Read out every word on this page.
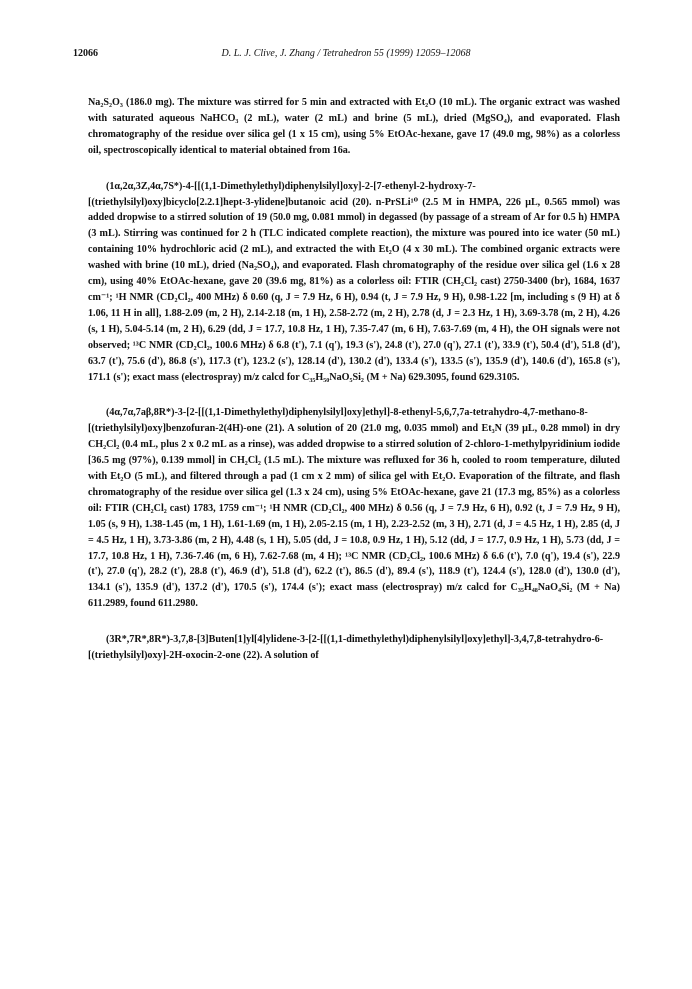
12066	D. L. J. Clive, J. Zhang / Tetrahedron 55 (1999) 12059–12068

Na₂S₂O₃ (186.0 mg). The mixture was stirred for 5 min and extracted with Et₂O (10 mL). The organic extract was washed with saturated aqueous NaHCO₃ (2 mL), water (2 mL) and brine (5 mL), dried (MgSO₄), and evaporated. Flash chromatography of the residue over silica gel (1 x 15 cm), using 5% EtOAc-hexane, gave 17 (49.0 mg, 98%) as a colorless oil, spectroscopically identical to material obtained from 16a.

(1α,2α,3Z,4α,7S*)-4-[[(1,1-Dimethylethyl)diphenylsilyl]oxy]-2-[7-ethenyl-2-hydroxy-7-[(triethylsilyl)oxy]bicyclo[2.2.1]hept-3-ylidene]butanoic acid (20). n-PrSLi¹⁰ (2.5 M in HMPA, 226 μL, 0.565 mmol) was added dropwise to a stirred solution of 19 (50.0 mg, 0.081 mmol) in degassed (by passage of a stream of Ar for 0.5 h) HMPA (3 mL). Stirring was continued for 2 h (TLC indicated complete reaction), the mixture was poured into ice water (50 mL) containing 10% hydrochloric acid (2 mL), and extracted the with Et₂O (4 x 30 mL). The combined organic extracts were washed with brine (10 mL), dried (Na₂SO₄), and evaporated. Flash chromatography of the residue over silica gel (1.6 x 28 cm), using 40% EtOAc-hexane, gave 20 (39.6 mg, 81%) as a colorless oil: FTIR (CH₂Cl₂ cast) 2750-3400 (br), 1684, 1637 cm⁻¹; ¹H NMR (CD₂Cl₂, 400 MHz) δ 0.60 (q, J = 7.9 Hz, 6 H), 0.94 (t, J = 7.9 Hz, 9 H), 0.98-1.22 [m, including s (9 H) at δ 1.06, 11 H in all], 1.88-2.09 (m, 2 H), 2.14-2.18 (m, 1 H), 2.58-2.72 (m, 2 H), 2.78 (d, J = 2.3 Hz, 1 H), 3.69-3.78 (m, 2 H), 4.26 (s, 1 H), 5.04-5.14 (m, 2 H), 6.29 (dd, J = 17.7, 10.8 Hz, 1 H), 7.35-7.47 (m, 6 H), 7.63-7.69 (m, 4 H), the OH signals were not observed; ¹³C NMR (CD₂Cl₂, 100.6 MHz) δ 6.8 (t'), 7.1 (q'), 19.3 (s'), 24.8 (t'), 27.0 (q'), 27.1 (t'), 33.9 (t'), 50.4 (d'), 51.8 (d'), 63.7 (t'), 75.6 (d'), 86.8 (s'), 117.3 (t'), 123.2 (s'), 128.14 (d'), 130.2 (d'), 133.4 (s'), 133.5 (s'), 135.9 (d'), 140.6 (d'), 165.8 (s'), 171.1 (s'); exact mass (electrospray) m/z calcd for C₃₅H₅₀NaO₅Si₂ (M + Na) 629.3095, found 629.3105.

(4α,7α,7aβ,8R*)-3-[2-[[(1,1-Dimethylethyl)diphenylsilyl]oxy]ethyl]-8-ethenyl-5,6,7,7a-tetrahydro-4,7-methano-8-[(triethylsilyl)oxy]benzofuran-2(4H)-one (21). A solution of 20 (21.0 mg, 0.035 mmol) and Et₃N (39 μL, 0.28 mmol) in dry CH₂Cl₂ (0.4 mL, plus 2 x 0.2 mL as a rinse), was added dropwise to a stirred solution of 2-chloro-1-methylpyridinium iodide [36.5 mg (97%), 0.139 mmol] in CH₂Cl₂ (1.5 mL). The mixture was refluxed for 36 h, cooled to room temperature, diluted with Et₂O (5 mL), and filtered through a pad (1 cm x 2 mm) of silica gel with Et₂O. Evaporation of the filtrate, and flash chromatography of the residue over silica gel (1.3 x 24 cm), using 5% EtOAc-hexane, gave 21 (17.3 mg, 85%) as a colorless oil: FTIR (CH₂Cl₂ cast) 1783, 1759 cm⁻¹; ¹H NMR (CD₂Cl₂, 400 MHz) δ 0.56 (q, J = 7.9 Hz, 6 H), 0.92 (t, J = 7.9 Hz, 9 H), 1.05 (s, 9 H), 1.38-1.45 (m, 1 H), 1.61-1.69 (m, 1 H), 2.05-2.15 (m, 1 H), 2.23-2.52 (m, 3 H), 2.71 (d, J = 4.5 Hz, 1 H), 2.85 (d, J = 4.5 Hz, 1 H), 3.73-3.86 (m, 2 H), 4.48 (s, 1 H), 5.05 (dd, J = 10.8, 0.9 Hz, 1 H), 5.12 (dd, J = 17.7, 0.9 Hz, 1 H), 5.73 (dd, J = 17.7, 10.8 Hz, 1 H), 7.36-7.46 (m, 6 H), 7.62-7.68 (m, 4 H); ¹³C NMR (CD₂Cl₂, 100.6 MHz) δ 6.6 (t'), 7.0 (q'), 19.4 (s'), 22.9 (t'), 27.0 (q'), 28.2 (t'), 28.8 (t'), 46.9 (d'), 51.8 (d'), 62.2 (t'), 86.5 (d'), 89.4 (s'), 118.9 (t'), 124.4 (s'), 128.0 (d'), 130.0 (d'), 134.1 (s'), 135.9 (d'), 137.2 (d'), 170.5 (s'), 174.4 (s'); exact mass (electrospray) m/z calcd for C₃₅H₄₈NaO₄Si₂ (M + Na) 611.2989, found 611.2980.

(3R*,7R*,8R*)-3,7,8-[3]Buten[1]yl[4]ylidene-3-[2-[[(1,1-dimethylethyl)diphenylsilyl]oxy]ethyl]-3,4,7,8-tetrahydro-6-[(triethylsilyl)oxy]-2H-oxocin-2-one (22). A solution of
